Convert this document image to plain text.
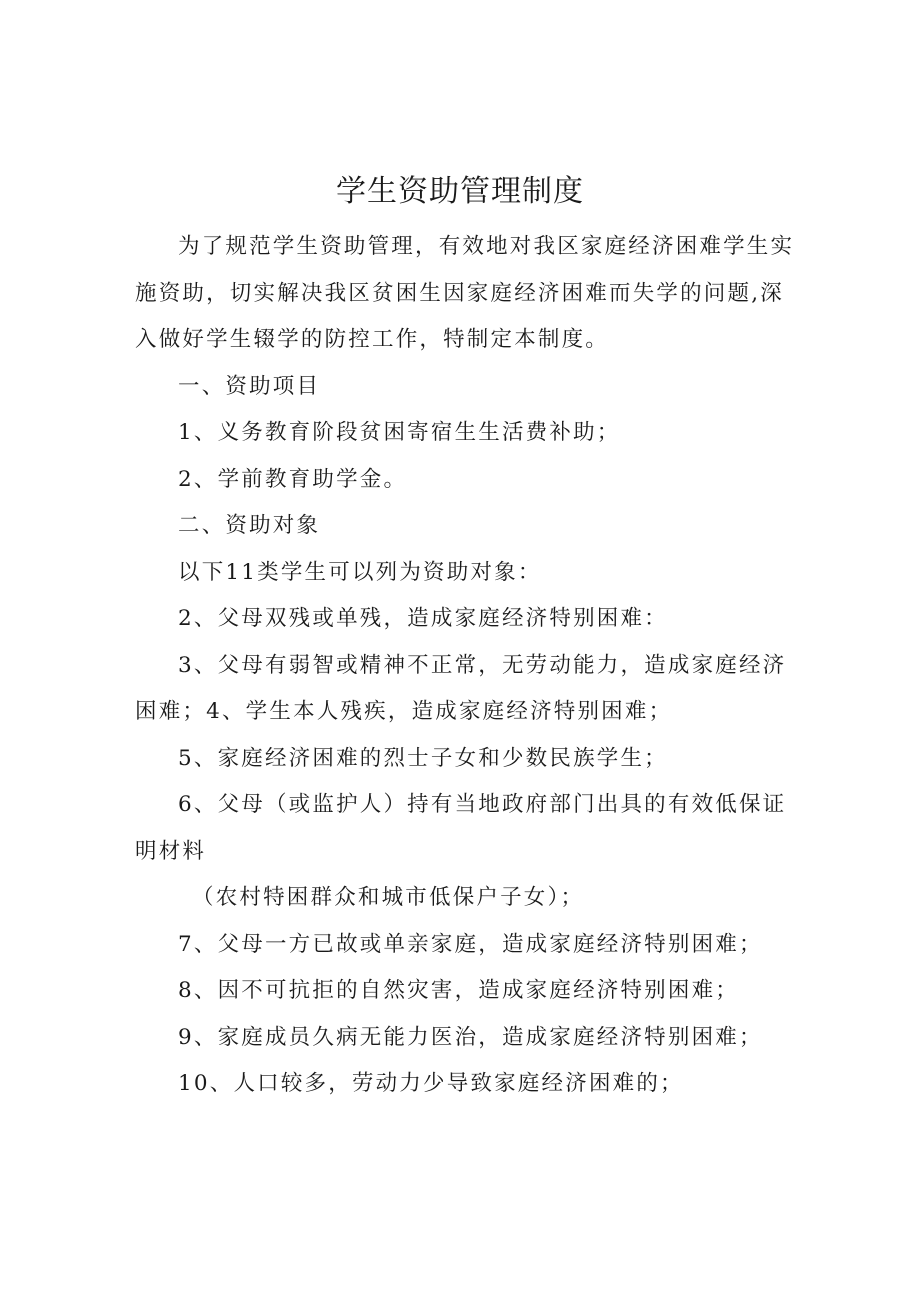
学生资助管理制度

为了规范学生资助管理，有效地对我区家庭经济困难学生实施资助，切实解决我区贫困生因家庭经济困难而失学的问题,深入做好学生辍学的防控工作，特制定本制度。

一、资助项目

1、义务教育阶段贫困寄宿生生活费补助；

2、学前教育助学金。

二、资助对象

以下11类学生可以列为资助对象：

2、父母双残或单残，造成家庭经济特别困难：

3、父母有弱智或精神不正常，无劳动能力，造成家庭经济困难；4、学生本人残疾，造成家庭经济特别困难；

5、家庭经济困难的烈士子女和少数民族学生；

6、父母（或监护人）持有当地政府部门出具的有效低保证明材料

（农村特困群众和城市低保户子女）；

7、父母一方已故或单亲家庭，造成家庭经济特别困难；

8、因不可抗拒的自然灾害，造成家庭经济特别困难；

9、家庭成员久病无能力医治，造成家庭经济特别困难；

10、人口较多，劳动力少导致家庭经济困难的；
